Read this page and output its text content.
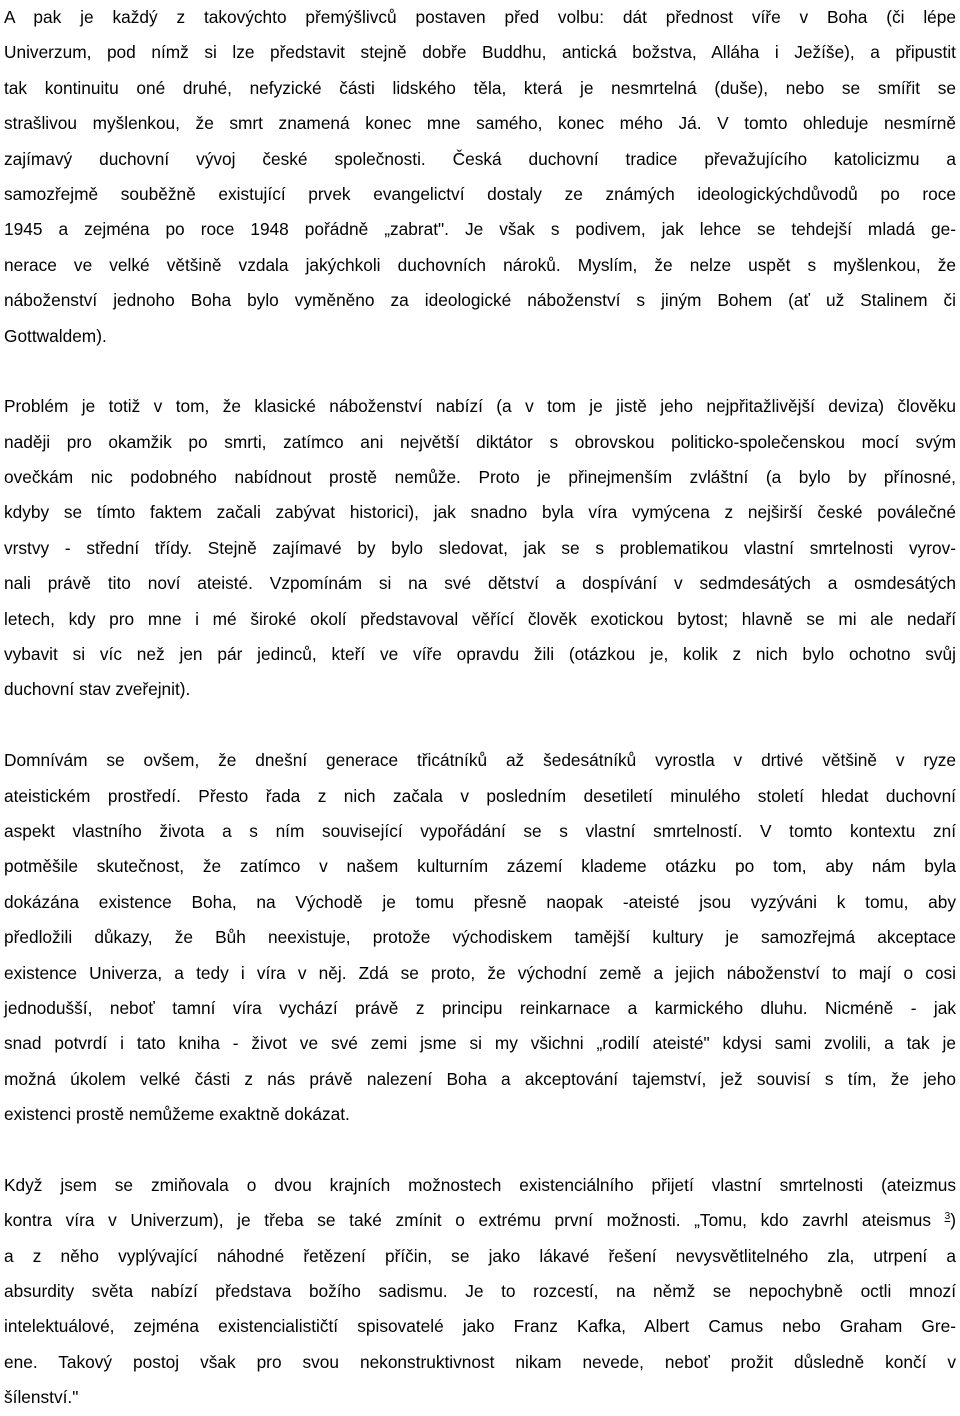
A pak je každý z takovýchto přemýšlivců postaven před volbu: dát přednost víře v Boha (či lépe
Univerzum, pod nímž si lze představit stejně dobře Buddhu, antická božstva, Alláha i Ježíše), a připustit
tak kontinuitu oné druhé, nefyzické části lidského těla, která je nesmrtelná (duše), nebo se smířit se
strašlivou myšlenkou, že smrt znamená konec mne samého, konec mého Já. V tomto ohleduje nesmírně
zajímavý duchovní vývoj české společnosti. Česká duchovní tradice převažujícího katolicizmu a
samozřejmě souběžně existující prvek evangelictví dostaly ze známých ideologickýchdůvodů po roce
1945 a zejména po roce 1948 pořádně „zabrat". Je však s podivem, jak lehce se tehdejší mladá ge-
nerace ve velké většině vzdala jakýchkoli duchovních nároků. Myslím, že nelze uspět s myšlenkou, že
náboženství jednoho Boha bylo vyměněno za ideologické náboženství s jiným Bohem (ať už Stalinem či
Gottwaldem).
Problém je totiž v tom, že klasické náboženství nabízí (a v tom je jistě jeho nejpřitažlivější deviza) člověku
naději pro okamžik po smrti, zatímco ani největší diktátor s obrovskou politicko-společenskou mocí svým
ovečkám nic podobného nabídnout prostě nemůže. Proto je přinejmenším zvláštní (a bylo by přínosné,
kdyby se tímto faktem začali zabývat historici), jak snadno byla víra vymýcena z nejširší české poválečné
vrstvy - střední třídy. Stejně zajímavé by bylo sledovat, jak se s problematikou vlastní smrtelnosti vyrov-
nali právě tito noví ateisté. Vzpomínám si na své dětství a dospívání v sedmdesátých a osmdesátých
letech, kdy pro mne i mé široké okolí představoval věřící člověk exotickou bytost; hlavně se mi ale nedaří
vybavit si víc než jen pár jedinců, kteří ve víře opravdu žili (otázkou je, kolik z nich bylo ochotno svůj
duchovní stav zveřejnit).
Domnívám se ovšem, že dnešní generace třicátníků až šedesátníků vyrostla v drtivé většině v ryze
ateistickém prostředí. Přesto řada z nich začala v posledním desetiletí minulého století hledat duchovní
aspekt vlastního života a s ním související vypořádání se s vlastní smrtelností. V tomto kontextu zní
potměšile skutečnost, že zatímco v našem kulturním zázemí klademe otázku po tom, aby nám byla
dokázána existence Boha, na Východě je tomu přesně naopak -ateisté jsou vyzýváni k tomu, aby
předložili důkazy, že Bůh neexistuje, protože východiskem tamější kultury je samozřejmá akceptace
existence Univerza, a tedy i víra v něj. Zdá se proto, že východní země a jejich náboženství to mají o cosi
jednodušší, neboť tamní víra vychází právě z principu reinkarnace a karmického dluhu. Nicméně - jak
snad potvrdí i tato kniha - život ve své zemi jsme si my všichni „rodilí ateisté" kdysi sami zvolili, a tak je
možná úkolem velké části z nás právě nalezení Boha a akceptování tajemství, jež souvisí s tím, že jeho
existenci prostě nemůžeme exaktně dokázat.
Když jsem se zmiňovala o dvou krajních možnostech existenciálního přijetí vlastní smrtelnosti (ateizmus
kontra víra v Univerzum), je třeba se také zmínit o extrému první možnosti. „Tomu, kdo zavrhl ateismus $^3$)
a z něho vyplývající náhodné řetězení příčin, se jako lákavé řešení nevysvětlitelného zla, utrpení a
absurdity světa nabízí představa božího sadismu. Je to rozcestí, na němž se nepochybně octli mnozí
intelektuálové, zejména existencialističtí spisovatelé jako Franz Kafka, Albert Camus nebo Graham Gre-
ene. Takový postoj však pro svou nekonstruktivnost nikam nevede, neboť prožit důsledně končí v
šílenství."
